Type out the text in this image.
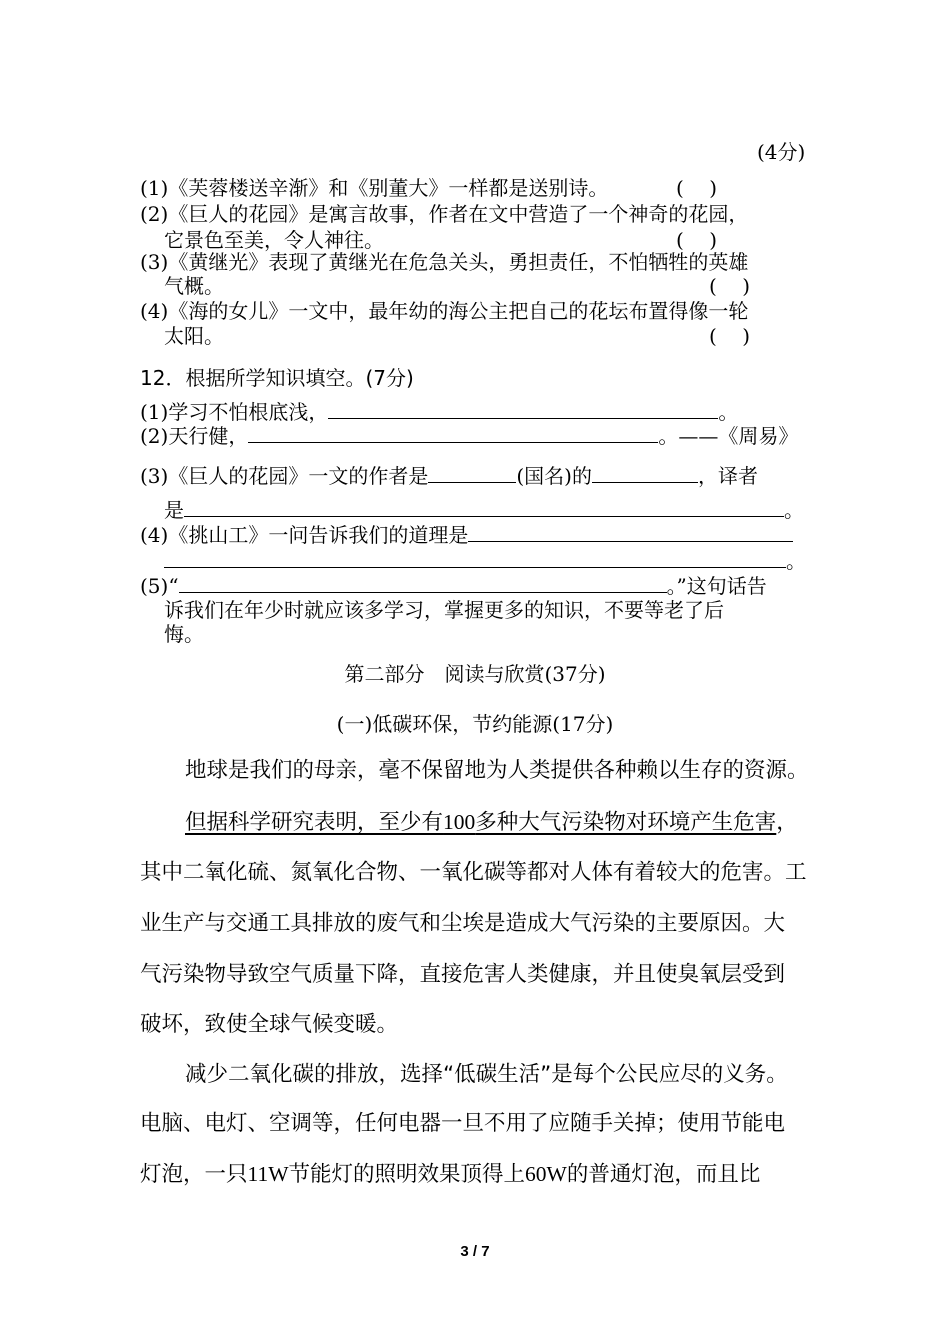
(4分)
(1)《芙蓉楼送辛渐》和《别董大》一样都是送别诗。	(    )
(2)《巨人的花园》是寓言故事，作者在文中营造了一个神奇的花园，
它景色至美，令人神往。	(    )
(3)《黄继光》表现了黄继光在危急关头，勇担责任，不怕牺牲的英雄
气概。	(    )
(4)《海的女儿》一文中，最年幼的海公主把自己的花坛布置得像一轮
太阳。	(    )
12．根据所学知识填空。(7分)
(1)学习不怕根底浅，	。
(2)天行健，	。——《周易》
(3)《巨人的花园》一文的作者是	(国名)的	，译者
是	。
(4)《挑山工》一问告诉我们的道理是
。
(5)“	。”这句话告
诉我们在年少时就应该多学习，掌握更多的知识，不要等老了后
悔。
第二部分　阅读与欣赏(37分)
(一)低碳环保，节约能源(17分)
地球是我们的母亲，毫不保留地为人类提供各种赖以生存的资源。
但据科学研究表明，至少有100多种大气污染物对环境产生危害，
其中二氧化硫、氮氧化合物、一氧化碳等都对人体有着较大的危害。工
业生产与交通工具排放的废气和尘埃是造成大气污染的主要原因。大
气污染物导致空气质量下降，直接危害人类健康，并且使臭氧层受到
破坏，致使全球气候变暖。
减少二氧化碳的排放，选择“低碳生活”是每个公民应尽的义务。
电脑、电灯、空调等，任何电器一旦不用了应随手关掉；使用节能电
灯泡，一只11W节能灯的照明效果顶得上60W的普通灯泡，而且比
3 / 7
